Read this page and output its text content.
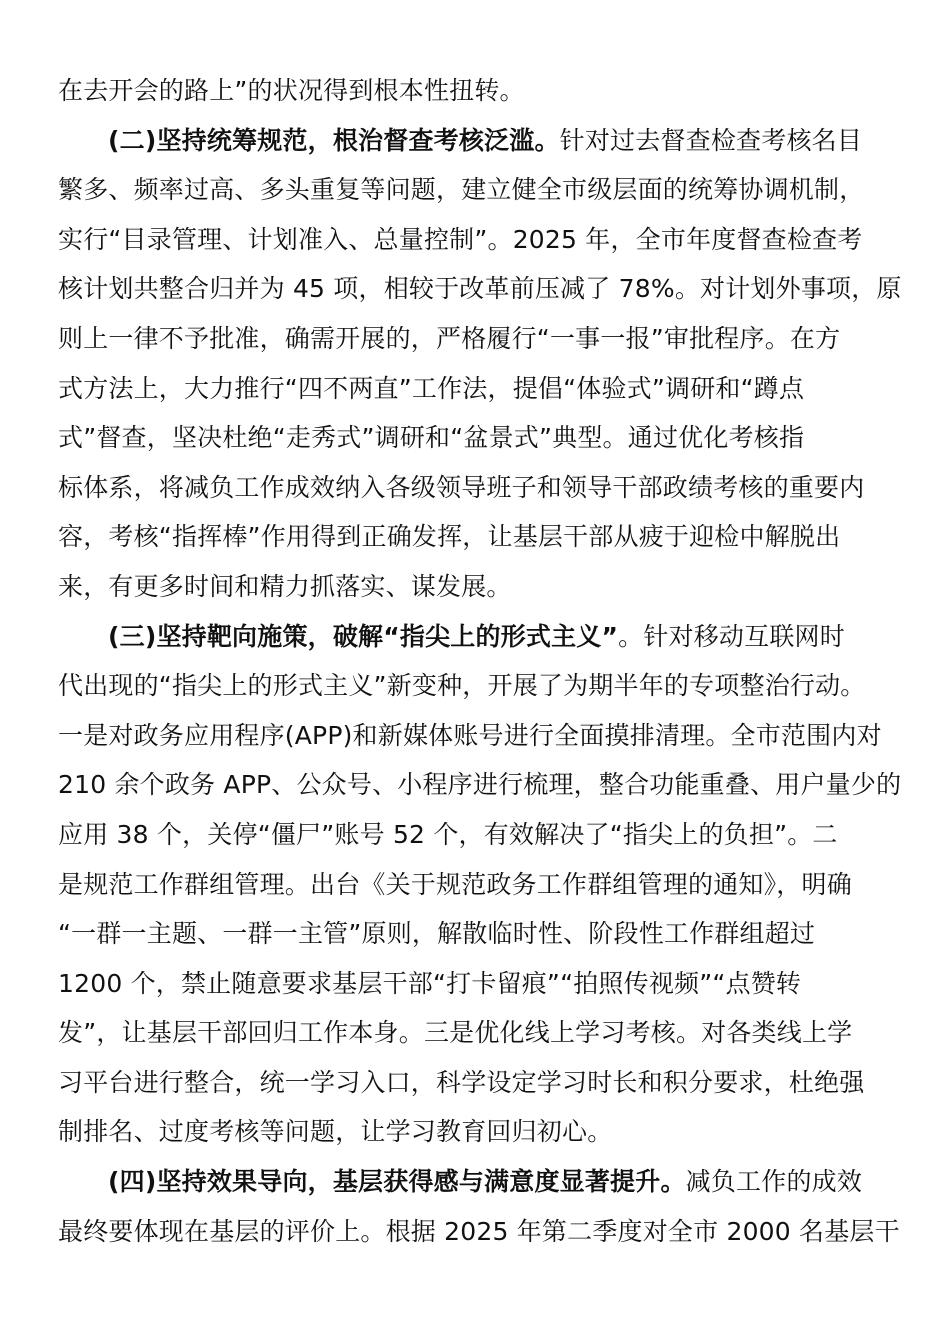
在去开会的路上”的状况得到根本性扭转。
(二)坚持统筹规范，根治督查考核泛滥。针对过去督查检查考核名目
繁多、频率过高、多头重复等问题，建立健全市级层面的统筹协调机制，
实行“目录管理、计划准入、总量控制”。2025 年，全市年度督查检查考
核计划共整合归并为 45 项，相较于改革前压减了 78%。对计划外事项，原
则上一律不予批准，确需开展的，严格履行“一事一报”审批程序。在方
式方法上，大力推行“四不两直”工作法，提倡“体验式”调研和“蹲点
式”督查，坚决杜绝“走秀式”调研和“盆景式”典型。通过优化考核指
标体系，将减负工作成效纳入各级领导班子和领导干部政绩考核的重要内
容，考核“指挥棒”作用得到正确发挥，让基层干部从疲于迎检中解脱出
来，有更多时间和精力抓落实、谋发展。
(三)坚持靶向施策，破解“指尖上的形式主义”。针对移动互联网时
代出现的“指尖上的形式主义”新变种，开展了为期半年的专项整治行动。
一是对政务应用程序(APP)和新媒体账号进行全面摸排清理。全市范围内对
210 余个政务 APP、公众号、小程序进行梳理，整合功能重叠、用户量少的
应用 38 个，关停“僵尸”账号 52 个，有效解决了“指尖上的负担”。二
是规范工作群组管理。出台《关于规范政务工作群组管理的通知》，明确
“一群一主题、一群一主管”原则，解散临时性、阶段性工作群组超过
1200 个，禁止随意要求基层干部“打卡留痕”“拍照传视频”“点赞转
发”，让基层干部回归工作本身。三是优化线上学习考核。对各类线上学
习平台进行整合，统一学习入口，科学设定学习时长和积分要求，杜绝强
制排名、过度考核等问题，让学习教育回归初心。
(四)坚持效果导向，基层获得感与满意度显著提升。减负工作的成效
最终要体现在基层的评价上。根据 2025 年第二季度对全市 2000 名基层干
